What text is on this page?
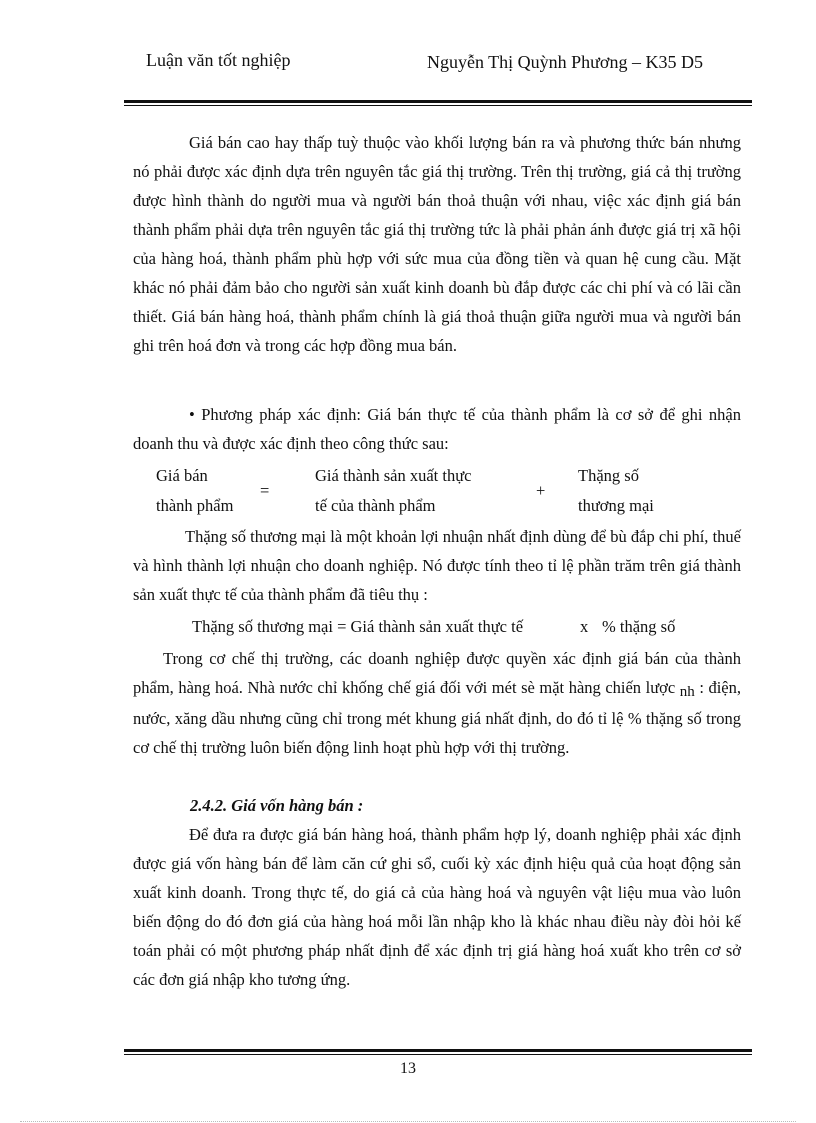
Luận văn tốt nghiệp	Nguyễn Thị Quỳnh Phương – K35 D5
Giá bán cao hay thấp tuỳ thuộc vào khối lượng bán ra và phương thức bán nhưng nó phải được xác định dựa trên nguyên tắc giá thị trường. Trên thị trường, giá cả thị trường được hình thành do người mua và người bán thoả thuận với nhau, việc xác định giá bán thành phẩm phải dựa trên nguyên tắc giá thị trường tức là phải phản ánh được giá trị xã hội của hàng hoá, thành phẩm phù hợp với sức mua của đồng tiền và quan hệ cung cầu. Mặt khác nó phải đảm bảo cho người sản xuất kinh doanh bù đắp được các chi phí và có lãi cần thiết. Giá bán hàng hoá, thành phẩm chính là giá thoả thuận giữa người mua và người bán ghi trên hoá đơn và trong các hợp đồng mua bán.
• Phương pháp xác định: Giá bán thực tế của thành phẩm là cơ sở để ghi nhận doanh thu và được xác định theo công thức sau:
Giá bán
thành phẩm
=
Giá thành sản xuất thực
tế của thành phẩm
+
Thặng số
thương mại
Thặng số thương mại là một khoản lợi nhuận nhất định dùng để bù đắp chi phí, thuế và hình thành lợi nhuận cho doanh nghiệp. Nó được tính theo tỉ lệ phần trăm trên giá thành sản xuất thực tế của thành phẩm đã tiêu thụ :
Thặng số thương mại = Giá thành sản xuất thực tế	x % thặng số
Trong cơ chế thị trường, các doanh nghiệp được quyền xác định giá bán của thành phẩm, hàng hoá. Nhà nước chỉ khống chế giá đối với mét sè mặt hàng chiến lược nh : điện, nước, xăng dầu nhưng cũng chỉ trong mét khung giá nhất định, do đó tỉ lệ % thặng số trong cơ chế thị trường luôn biến động linh hoạt phù hợp với thị trường.
2.4.2. Giá vốn hàng bán :
Để đưa ra được giá bán hàng hoá, thành phẩm hợp lý, doanh nghiệp phải xác định được giá vốn hàng bán để làm căn cứ ghi sổ, cuối kỳ xác định hiệu quả của hoạt động sản xuất kinh doanh. Trong thực tế, do giá cả của hàng hoá và nguyên vật liệu mua vào luôn biến động do đó đơn giá của hàng hoá mỗi lần nhập kho là khác nhau điều này đòi hỏi kế toán phải có một phương pháp nhất định để xác định trị giá hàng hoá xuất kho trên cơ sở các đơn giá nhập kho tương ứng.
13
